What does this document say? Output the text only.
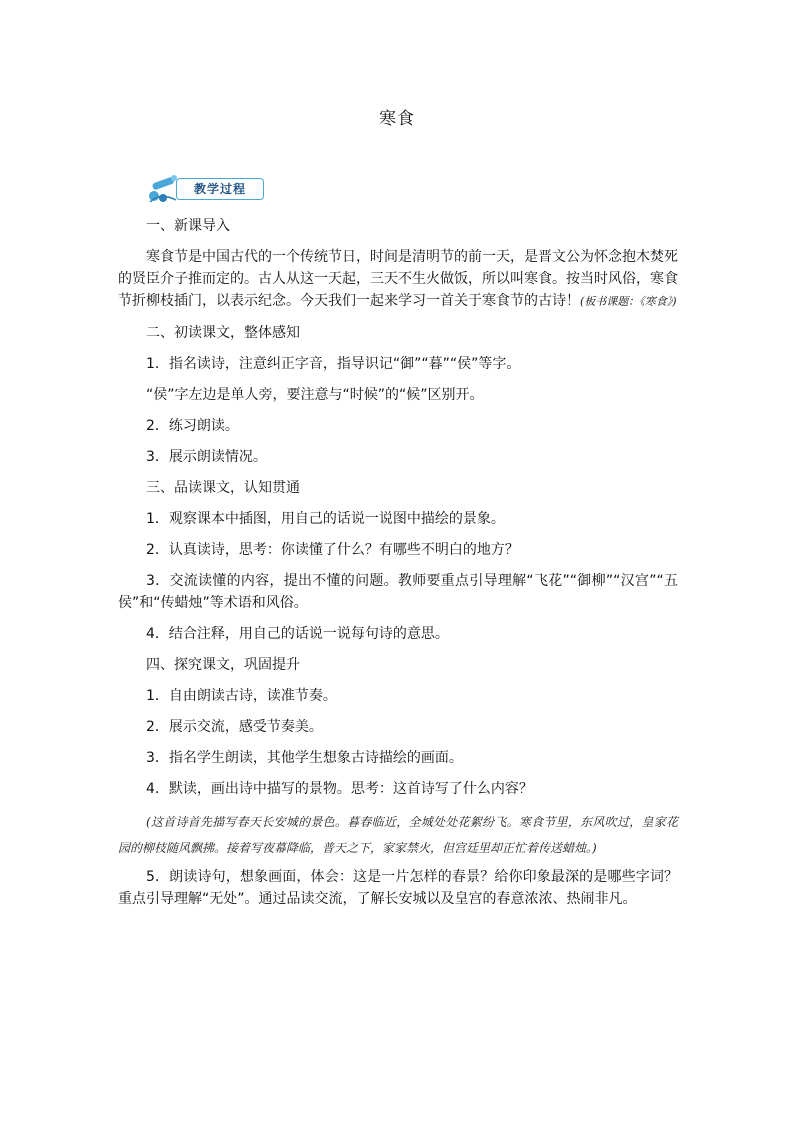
寒食
教学过程

一、新课导入

寒食节是中国古代的一个传统节日，时间是清明节的前一天，是晋文公为怀念抱木焚死的贤臣介子推而定的。古人从这一天起，三天不生火做饭，所以叫寒食。按当时风俗，寒食节折柳枝插门，以表示纪念。今天我们一起来学习一首关于寒食节的古诗！(板书课题：《寒食》)

二、初读课文，整体感知

1．指名读诗，注意纠正字音，指导识记“御”“暮”“侯”等字。

“侯”字左边是单人旁，要注意与“时候”的“候”区别开。

2．练习朗读。

3．展示朗读情况。

三、品读课文，认知贯通

1．观察课本中插图，用自己的话说一说图中描绘的景象。

2．认真读诗，思考：你读懂了什么？有哪些不明白的地方？

3．交流读懂的内容，提出不懂的问题。教师要重点引导理解“飞花”“御柳”“汉宫”“五侯”和“传蜡烛”等术语和风俗。

4．结合注释，用自己的话说一说每句诗的意思。

四、探究课文，巩固提升

1．自由朗读古诗，读准节奏。

2．展示交流，感受节奏美。

3．指名学生朗读，其他学生想象古诗描绘的画面。

4．默读，画出诗中描写的景物。思考：这首诗写了什么内容？

(这首诗首先描写春天长安城的景色。暮春临近，全城处处花絮纷飞。寒食节里，东风吹过，皇家花园的柳枝随风飘拂。接着写夜幕降临，普天之下，家家禁火，但宫廷里却正忙着传送蜡烛。)

5．朗读诗句，想象画面，体会：这是一片怎样的春景？给你印象最深的是哪些字词？重点引导理解“无处”。通过品读交流，了解长安城以及皇宫的春意浓浓、热闹非凡。
